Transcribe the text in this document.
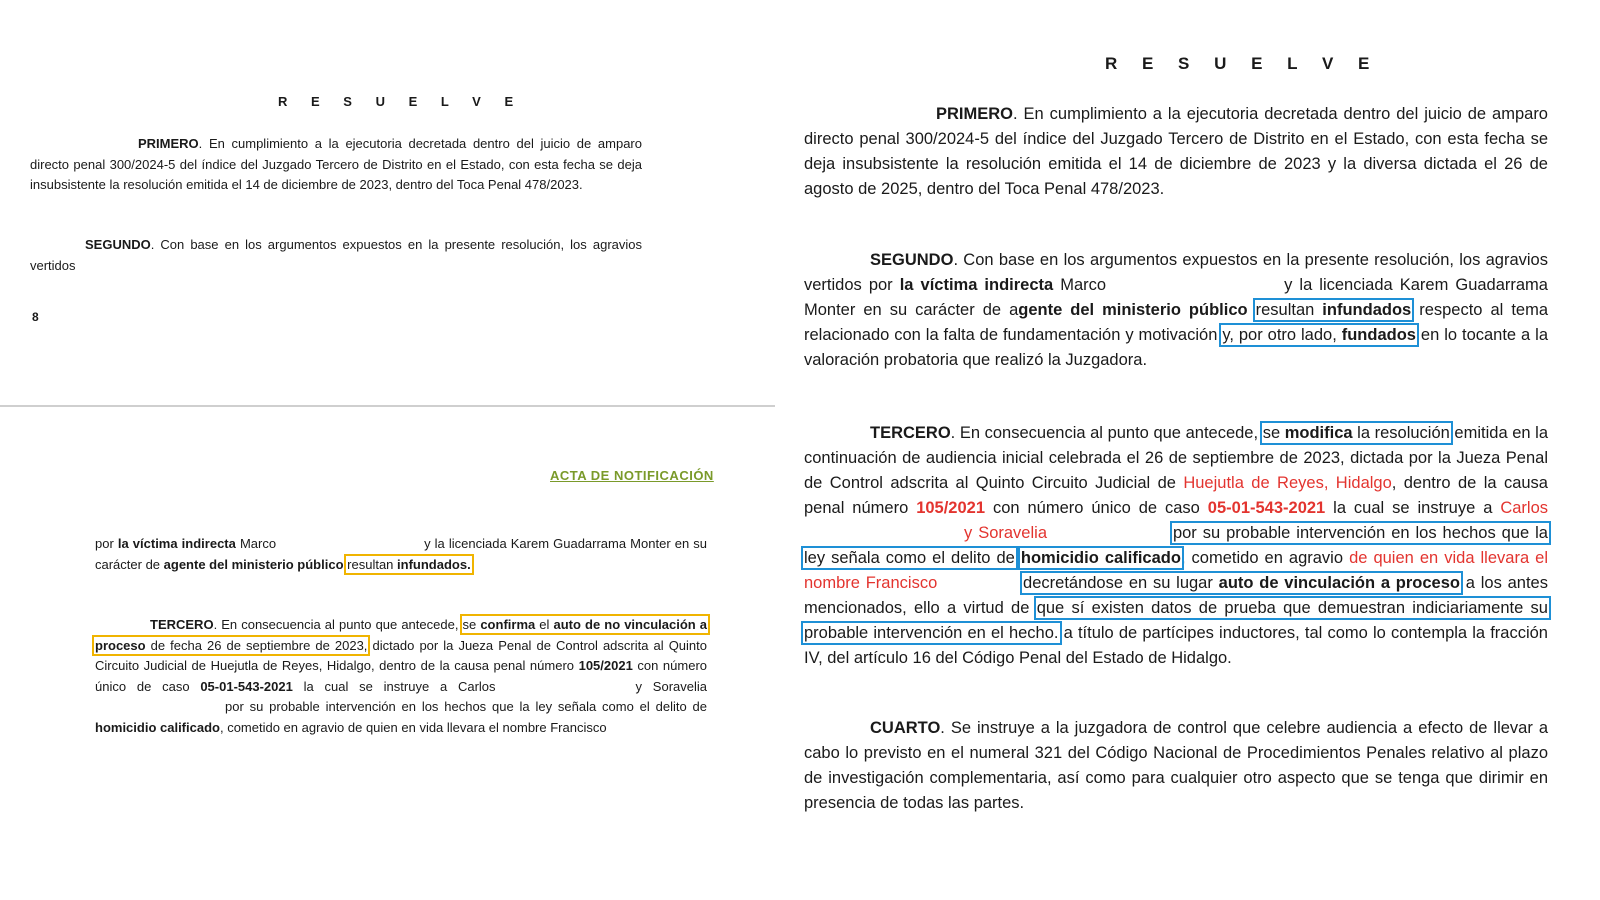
R E S U E L V E
PRIMERO. En cumplimiento a la ejecutoria decretada dentro del juicio de amparo directo penal 300/2024-5 del índice del Juzgado Tercero de Distrito en el Estado, con esta fecha se deja insubsistente la resolución emitida el 14 de diciembre de 2023, dentro del Toca Penal 478/2023.
SEGUNDO. Con base en los argumentos expuestos en la presente resolución, los agravios vertidos
8
ACTA DE NOTIFICACIÓN
por la víctima indirecta Marco	y la licenciada Karem Guadarrama Monter en su carácter de agente del ministerio público resultan infundados.
TERCERO. En consecuencia al punto que antecede, se confirma el auto de no vinculación a proceso de fecha 26 de septiembre de 2023, dictado por la Jueza Penal de Control adscrita al Quinto Circuito Judicial de Huejutla de Reyes, Hidalgo, dentro de la causa penal número 105/2021 con número único de caso 05-01-543-2021 la cual se instruye a Carlos	y Soraveliapor su probable intervención en los hechos que la ley señala como el delito de homicidio calificado, cometido en agravio de quien en vida llevara el nombre Francisco
R E S U E L V E
PRIMERO. En cumplimiento a la ejecutoria decretada dentro del juicio de amparo directo penal 300/2024-5 del índice del Juzgado Tercero de Distrito en el Estado, con esta fecha se deja insubsistente la resolución emitida el 14 de diciembre de 2023 y la diversa dictada el 26 de agosto de 2025, dentro del Toca Penal 478/2023.
SEGUNDO. Con base en los argumentos expuestos en la presente resolución, los agravios vertidos por la víctima indirecta Marco	y la licenciada Karem Guadarrama Monter en su carácter de agente del ministerio público resultan infundados respecto al tema relacionado con la falta de fundamentación y motivación y, por otro lado, fundados en lo tocante a la valoración probatoria que realizó la Juzgadora.
TERCERO. En consecuencia al punto que antecede, se modifica la resolución emitida en la continuación de audiencia inicial celebrada el 26 de septiembre de 2023, dictada por la Jueza Penal de Control adscrita al Quinto Circuito Judicial de Huejutla de Reyes, Hidalgo, dentro de la causa penal número 105/2021 con número único de caso 05-01-543-2021 la cual se instruye a Carlosy Soravelia	por su probable intervención en los hechos que la ley señala como el delito de homicidio calificado, cometido en agravio de quien en vida llevara el nombre Francisco	decretándose en su lugar auto de vinculación a proceso a los antes mencionados, ello a virtud de que sí existen datos de prueba que demuestran indiciariamente su probable intervención en el hecho. a título de partícipes inductores, tal como lo contempla la fracción IV, del artículo 16 del Código Penal del Estado de Hidalgo.
CUARTO. Se instruye a la juzgadora de control que celebre audiencia a efecto de llevar a cabo lo previsto en el numeral 321 del Código Nacional de Procedimientos Penales relativo al plazo de investigación complementaria, así como para cualquier otro aspecto que se tenga que dirimir en presencia de todas las partes.
